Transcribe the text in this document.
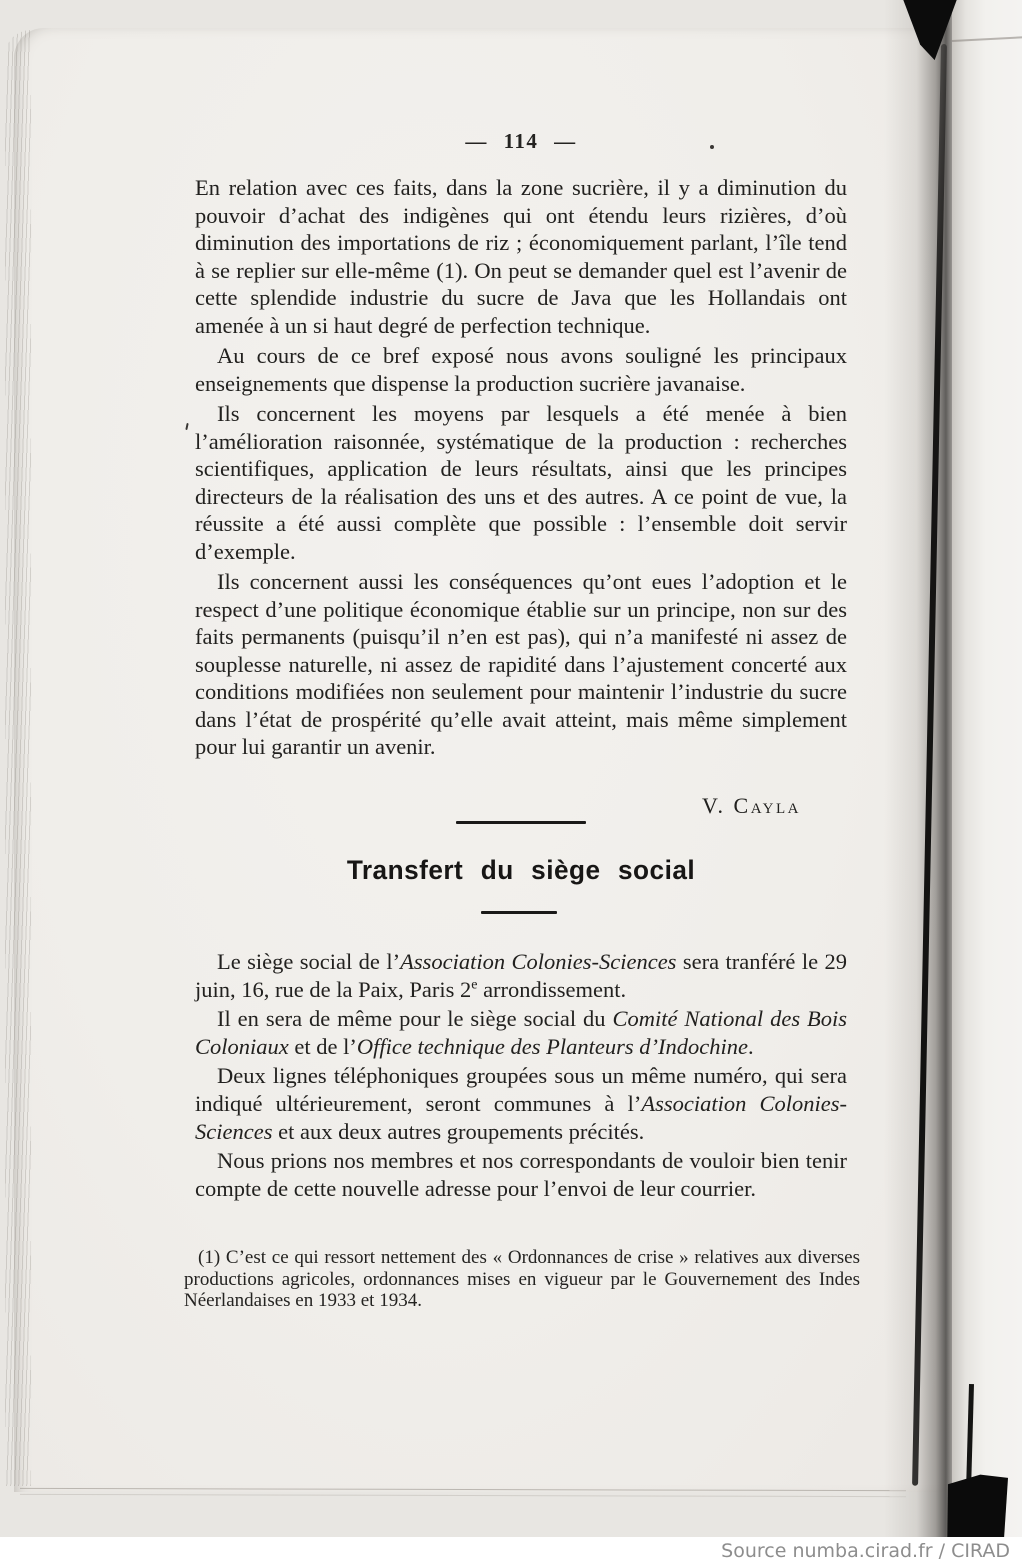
— 114 —

En relation avec ces faits, dans la zone sucrière, il y a diminution du pouvoir d’achat des indigènes qui ont étendu leurs rizières, d’où diminution des importations de riz ; économiquement parlant, l’île tend à se replier sur elle-même (1). On peut se demander quel est l’avenir de cette splendide industrie du sucre de Java que les Hollandais ont amenée à un si haut degré de perfection technique.

Au cours de ce bref exposé nous avons souligné les principaux enseignements que dispense la production sucrière javanaise.

Ils concernent les moyens par lesquels a été menée à bien l’amélioration raisonnée, systématique de la production : recherches scientifiques, application de leurs résultats, ainsi que les principes directeurs de la réalisation des uns et des autres. A ce point de vue, la réussite a été aussi complète que possible : l’ensemble doit servir d’exemple.

Ils concernent aussi les conséquences qu’ont eues l’adoption et le respect d’une politique économique établie sur un principe, non sur des faits permanents (puisqu’il n’en est pas), qui n’a manifesté ni assez de souplesse naturelle, ni assez de rapidité dans l’ajustement concerté aux conditions modifiées non seulement pour maintenir l’industrie du sucre dans l’état de prospérité qu’elle avait atteint, mais même simplement pour lui garantir un avenir.

V. Cayla
Transfert du siège social

Le siège social de l’Association Colonies-Sciences sera tranféré le 29 juin, 16, rue de la Paix, Paris 2e arrondissement.

Il en sera de même pour le siège social du Comité National des Bois Coloniaux et de l’Office technique des Planteurs d’Indochine.

Deux lignes téléphoniques groupées sous un même numéro, qui sera indiqué ultérieurement, seront communes à l’Association Colonies-Sciences et aux deux autres groupements précités.

Nous prions nos membres et nos correspondants de vouloir bien tenir compte de cette nouvelle adresse pour l’envoi de leur courrier.

(1) C’est ce qui ressort nettement des « Ordonnances de crise » relatives aux diverses productions agricoles, ordonnances mises en vigueur par le Gouvernement des Indes Néerlandaises en 1933 et 1934.

Source numba.cirad.fr / CIRAD
